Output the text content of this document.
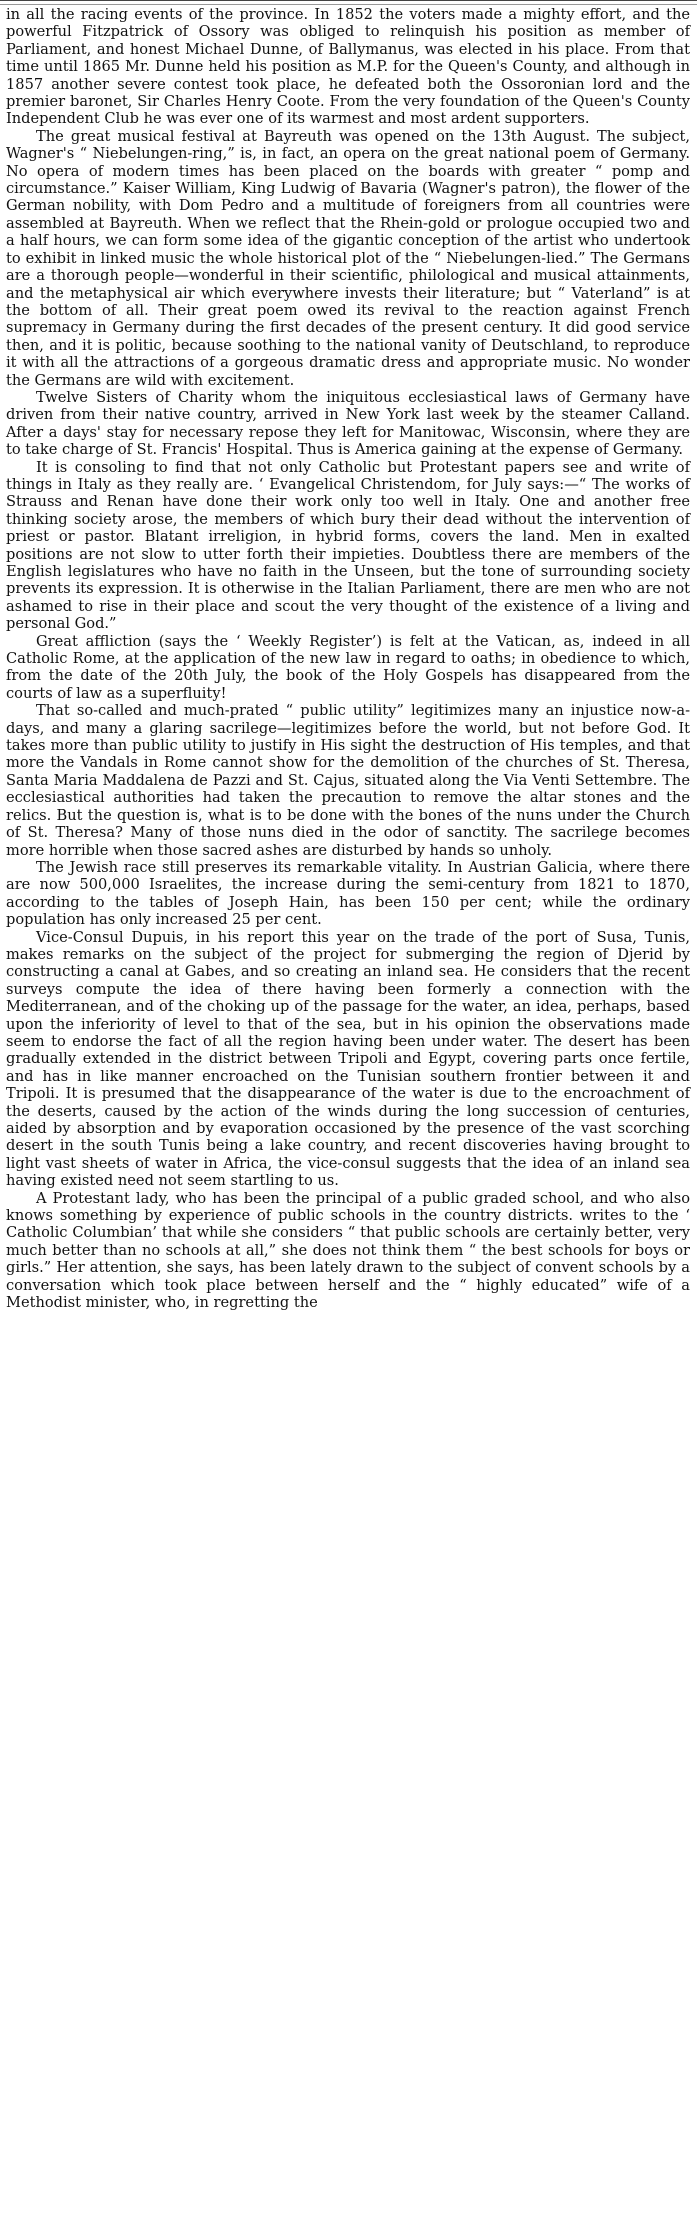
in all the racing events of the province. In 1852 the voters made a mighty effort, and the powerful Fitzpatrick of Ossory was obliged to relinquish his position as member of Parliament, and honest Michael Dunne, of Ballymanus, was elected in his place. From that time until 1865 Mr. Dunne held his position as M.P. for the Queen's County, and although in 1857 another severe contest took place, he defeated both the Ossoronian lord and the premier baronet, Sir Charles Henry Coote. From the very foundation of the Queen's County Independent Club he was ever one of its warmest and most ardent supporters.

The great musical festival at Bayreuth was opened on the 13th August. The subject, Wagner's “ Niebelungen-ring,” is, in fact, an opera on the great national poem of Germany. No opera of modern times has been placed on the boards with greater “ pomp and circumstance.” Kaiser William, King Ludwig of Bavaria (Wagner's patron), the flower of the German nobility, with Dom Pedro and a multitude of foreigners from all countries were assembled at Bayreuth. When we reflect that the Rhein-gold or prologue occupied two and a half hours, we can form some idea of the gigantic conception of the artist who undertook to exhibit in linked music the whole historical plot of the “ Niebelungen-lied.” The Germans are a thorough people—wonderful in their scientific, philological and musical attainments, and the metaphysical air which everywhere invests their literature; but “ Vaterland” is at the bottom of all. Their great poem owed its revival to the reaction against French supremacy in Germany during the first decades of the present century. It did good service then, and it is politic, because soothing to the national vanity of Deutschland, to reproduce it with all the attractions of a gorgeous dramatic dress and appropriate music. No wonder the Germans are wild with excitement.

Twelve Sisters of Charity whom the iniquitous ecclesiastical laws of Germany have driven from their native country, arrived in New York last week by the steamer Calland. After a days' stay for necessary repose they left for Manitowac, Wisconsin, where they are to take charge of St. Francis' Hospital. Thus is America gaining at the expense of Germany.

It is consoling to find that not only Catholic but Protestant papers see and write of things in Italy as they really are. ‘ Evangelical Christendom, for July says:—“ The works of Strauss and Renan have done their work only too well in Italy. One and another free thinking society arose, the members of which bury their dead without the intervention of priest or pastor. Blatant irreligion, in hybrid forms, covers the land. Men in exalted positions are not slow to utter forth their impieties. Doubtless there are members of the English legislatures who have no faith in the Unseen, but the tone of surrounding society prevents its expression. It is otherwise in the Italian Parliament, there are men who are not ashamed to rise in their place and scout the very thought of the existence of a living and personal God.”

Great affliction (says the ‘ Weekly Register’) is felt at the Vatican, as, indeed in all Catholic Rome, at the application of the new law in regard to oaths; in obedience to which, from the date of the 20th July, the book of the Holy Gospels has disappeared from the courts of law as a superfluity!

That so-called and much-prated “ public utility” legitimizes many an injustice now-a-days, and many a glaring sacrilege—legitimizes before the world, but not before God. It takes more than public utility to justify in His sight the destruction of His temples, and that more the Vandals in Rome cannot show for the demolition of the churches of St. Theresa, Santa Maria Maddalena de Pazzi and St. Cajus, situated along the Via Venti Settembre. The ecclesiastical authorities had taken the precaution to remove the altar stones and the relics. But the question is, what is to be done with the bones of the nuns under the Church of St. Theresa? Many of those nuns died in the odor of sanctity. The sacrilege becomes more horrible when those sacred ashes are disturbed by hands so unholy.

The Jewish race still preserves its remarkable vitality. In Austrian Galicia, where there are now 500,000 Israelites, the increase during the semi-century from 1821 to 1870, according to the tables of Joseph Hain, has been 150 per cent; while the ordinary population has only increased 25 per cent.

Vice-Consul Dupuis, in his report this year on the trade of the port of Susa, Tunis, makes remarks on the subject of the project for submerging the region of Djerid by constructing a canal at Gabes, and so creating an inland sea. He considers that the recent surveys compute the idea of there having been formerly a connection with the Mediterranean, and of the choking up of the passage for the water, an idea, perhaps, based upon the inferiority of level to that of the sea, but in his opinion the observations made seem to endorse the fact of all the region having been under water. The desert has been gradually extended in the district between Tripoli and Egypt, covering parts once fertile, and has in like manner encroached on the Tunisian southern frontier between it and Tripoli. It is presumed that the disappearance of the water is due to the encroachment of the deserts, caused by the action of the winds during the long succession of centuries, aided by absorption and by evaporation occasioned by the presence of the vast scorching desert in the south Tunis being a lake country, and recent discoveries having brought to light vast sheets of water in Africa, the vice-consul suggests that the idea of an inland sea having existed need not seem startling to us.

A Protestant lady, who has been the principal of a public graded school, and who also knows something by experience of public schools in the country districts. writes to the ‘ Catholic Columbian’ that while she considers “ that public schools are certainly better, very much better than no schools at all,” she does not think them “ the best schools for boys or girls.” Her attention, she says, has been lately drawn to the subject of convent schools by a conversation which took place between herself and the “ highly educated” wife of a Methodist minister, who, in regretting the
